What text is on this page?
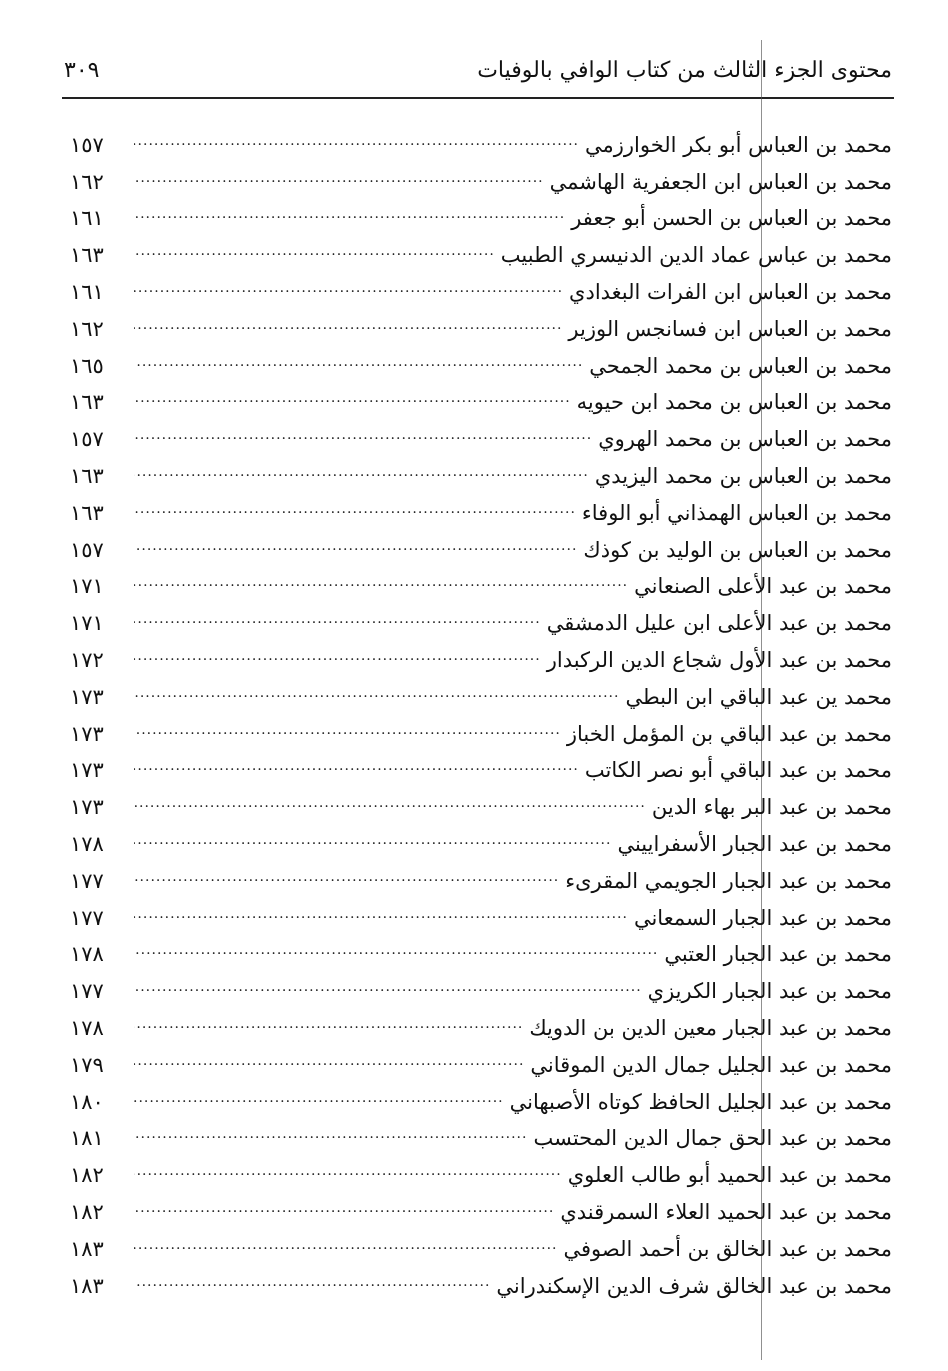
محتوى الجزء الثالث من كتاب الوافي بالوفيات
٣٠٩
محمد بن العباس أبو بكر الخوارزمي
.....
١٥٧
محمد بن العباس ابن الجعفرية الهاشمي
.....
١٦٢
محمد بن العباس بن الحسن أبو جعفر
.....
١٦١
محمد بن عباس عماد الدين الدنيسري الطبيب
.....
١٦٣
محمد بن العباس ابن الفرات البغدادي
.....
١٦١
محمد بن العباس ابن فسانجس الوزير
.....
١٦٢
محمد بن العباس بن محمد الجمحي
.....
١٦٥
محمد بن العباس بن محمد ابن حيويه
.....
١٦٣
محمد بن العباس بن محمد الهروي
.....
١٥٧
محمد بن العباس بن محمد اليزيدي
.....
١٦٣
محمد بن العباس الهمذاني أبو الوفاء
.....
١٦٣
محمد بن العباس بن الوليد بن كوذك
.....
١٥٧
محمد بن عبد الأعلى الصنعاني
.....
١٧١
محمد بن عبد الأعلى ابن عليل الدمشقي
.....
١٧١
محمد بن عبد الأول شجاع الدين الركبدار
.....
١٧٢
محمد ين عبد الباقي ابن البطي
.....
١٧٣
محمد بن عبد الباقي بن المؤمل الخباز
.....
١٧٣
محمد بن عبد الباقي أبو نصر الكاتب
.....
١٧٣
محمد بن عبد البر بهاء الدين
.....
١٧٣
محمد بن عبد الجبار الأسفراييني
.....
١٧٨
محمد بن عبد الجبار الجويمي المقرىء
.....
١٧٧
محمد بن عبد الجبار السمعاني
.....
١٧٧
محمد بن عبد الجبار العتبي
.....
١٧٨
محمد بن عبد الجبار الكريزي
.....
١٧٧
محمد بن عبد الجبار معين الدين بن الدويك
.....
١٧٨
محمد بن عبد الجليل جمال الدين الموقاني
.....
١٧٩
محمد بن عبد الجليل الحافظ كوتاه الأصبهاني
.....
١٨٠
محمد بن عبد الحق جمال الدين المحتسب
.....
١٨١
محمد بن عبد الحميد أبو طالب العلوي
.....
١٨٢
محمد بن عبد الحميد العلاء السمرقندي
.....
١٨٢
محمد بن عبد الخالق بن أحمد الصوفي
.....
١٨٣
محمد بن عبد الخالق شرف الدين الإسكندراني
.....
١٨٣
